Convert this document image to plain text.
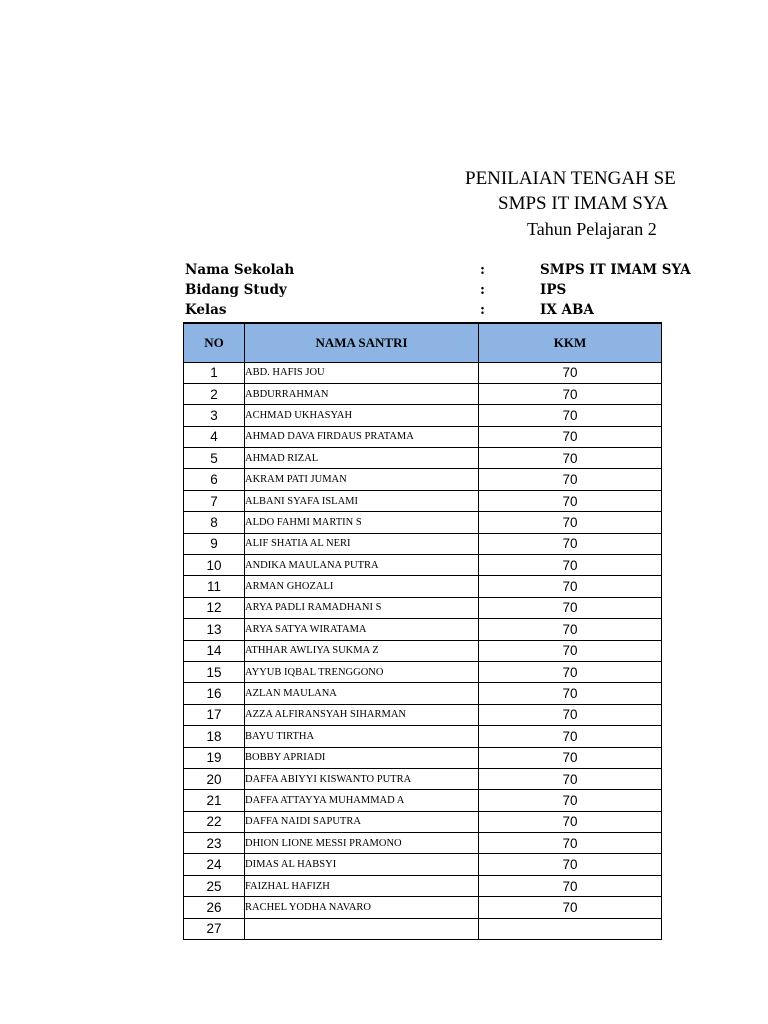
PENILAIAN TENGAH SE
SMPS IT IMAM SYA
Tahun Pelajaran 2
Nama Sekolah	:	SMPS IT IMAM SYA
Bidang Study	:	IPS
Kelas	:	IX ABA
NO	NAMA SANTRI	KKM
1	ABD. HAFIS JOU	70
2	ABDURRAHMAN	70
3	ACHMAD UKHASYAH	70
4	AHMAD DAVA FIRDAUS PRATAMA	70
5	AHMAD RIZAL	70
6	AKRAM PATI JUMAN	70
7	ALBANI SYAFA ISLAMI	70
8	ALDO FAHMI MARTIN S	70
9	ALIF SHATIA AL NERI	70
10	ANDIKA MAULANA PUTRA	70
11	ARMAN GHOZALI	70
12	ARYA PADLI RAMADHANI S	70
13	ARYA SATYA WIRATAMA	70
14	ATHHAR AWLIYA SUKMA Z	70
15	AYYUB IQBAL TRENGGONO	70
16	AZLAN MAULANA	70
17	AZZA ALFIRANSYAH SIHARMAN	70
18	BAYU TIRTHA	70
19	BOBBY APRIADI	70
20	DAFFA ABIYYI KISWANTO PUTRA	70
21	DAFFA ATTAYYA MUHAMMAD A	70
22	DAFFA NAIDI SAPUTRA	70
23	DHION LIONE MESSI PRAMONO	70
24	DIMAS AL HABSYI	70
25	FAIZHAL HAFIZH	70
26	RACHEL YODHA NAVARO	70
27		
